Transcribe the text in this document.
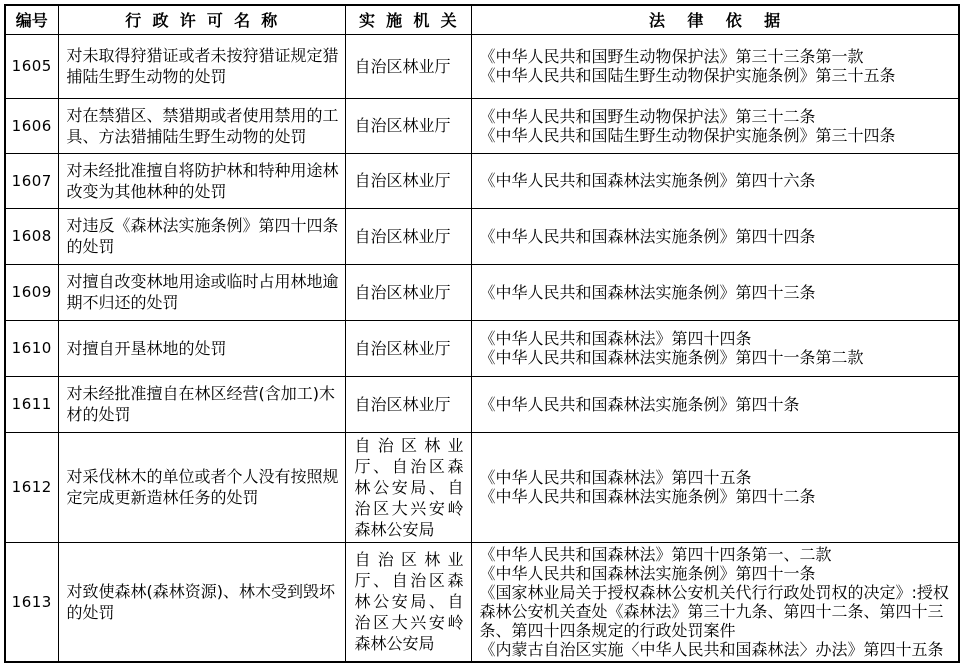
编号	行政许可名称	实施机关	法律依据
1605	对未取得狩猎证或者未按狩猎证规定猎捕陆生野生动物的处罚	自治区林业厅	《中华人民共和国野生动物保护法》第三十三条第一款
《中华人民共和国陆生野生动物保护实施条例》第三十五条

1606	对在禁猎区、禁猎期或者使用禁用的工具、方法猎捕陆生野生动物的处罚	自治区林业厅	《中华人民共和国野生动物保护法》第三十二条
《中华人民共和国陆生野生动物保护实施条例》第三十四条

1607	对未经批准擅自将防护林和特种用途林改变为其他林种的处罚	自治区林业厅	《中华人民共和国森林法实施条例》第四十六条

1608	对违反《森林法实施条例》第四十四条的处罚	自治区林业厅	《中华人民共和国森林法实施条例》第四十四条

1609	对擅自改变林地用途或临时占用林地逾期不归还的处罚	自治区林业厅	《中华人民共和国森林法实施条例》第四十三条

1610	对擅自开垦林地的处罚	自治区林业厅	《中华人民共和国森林法》第四十四条
《中华人民共和国森林法实施条例》第四十一条第二款

1611	对未经批准擅自在林区经营(含加工)木材的处罚	自治区林业厅	《中华人民共和国森林法实施条例》第四十条

1612	对采伐林木的单位或者个人没有按照规定完成更新造林任务的处罚	自治区林业厅、自治区森林公安局、自治区大兴安岭森林公安局	《中华人民共和国森林法》第四十五条
《中华人民共和国森林法实施条例》第四十二条

1613	对致使森林(森林资源)、林木受到毁坏的处罚	自治区林业厅、自治区森林公安局、自治区大兴安岭森林公安局	《中华人民共和国森林法》第四十四条第一、二款
《中华人民共和国森林法实施条例》第四十一条
《国家林业局关于授权森林公安机关代行行政处罚权的决定》:授权森林公安机关查处《森林法》第三十九条、第四十二条、第四十三条、第四十四条规定的行政处罚案件
《内蒙古自治区实施〈中华人民共和国森林法〉办法》第四十五条
